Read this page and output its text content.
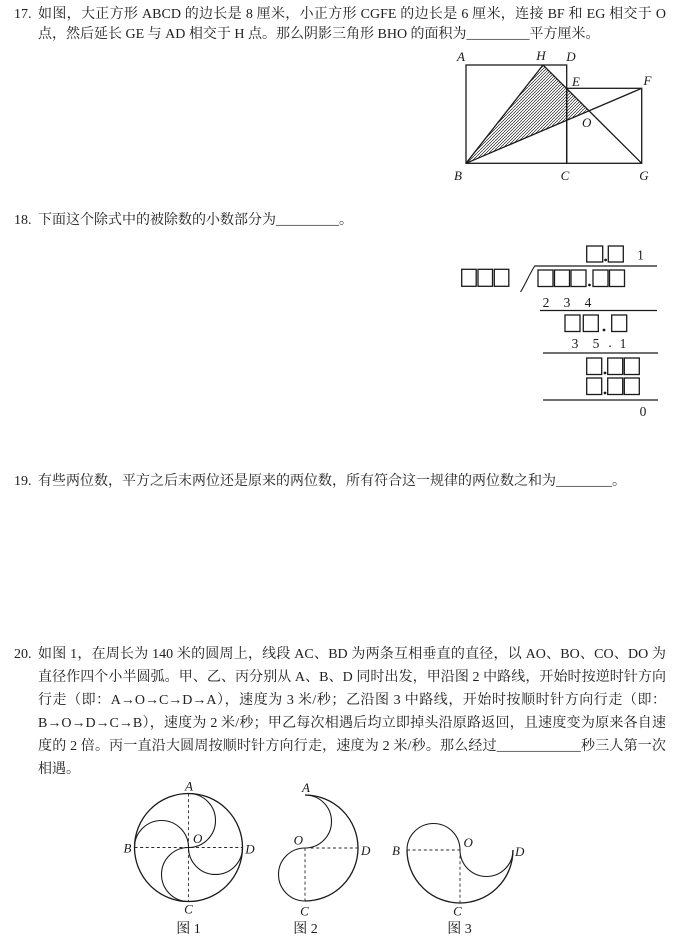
17. 如图，大正方形 ABCD 的边长是 8 厘米，小正方形 CGFE 的边长是 6 厘米，连接 BF 和 EG 相交于 O 点，然后延长 GE 与 AD 相交于 H 点。那么阴影三角形 BHO 的面积为_________平方厘米。
A	H D
E	F
O
B	C	G
18. 下面这个除式中的被除数的小数部分为_________。
1
2 3 4
3 5 . 1
0
19. 有些两位数，平方之后末两位还是原来的两位数，所有符合这一规律的两位数之和为________。
20. 如图 1，在周长为 140 米的圆周上，线段 AC、BD 为两条互相垂直的直径，以 AO、BO、CO、DO 为直径作四个小半圆弧。甲、乙、丙分别从 A、B、D 同时出发，甲沿图 2 中路线，开始时按逆时针方向行走（即：A→O→C→D→A），速度为 3 米/秒；乙沿图 3 中路线，开始时按顺时针方向行走（即：B→O→D→C→B），速度为 2 米/秒；甲乙每次相遇后均立即掉头沿原路返回，且速度变为原来各自速度的 2 倍。丙一直沿大圆周按顺时针方向行走，速度为 2 米/秒。那么经过____________秒三人第一次相遇。
A
B	D
C
O
图 1
A
O
D
C
图 2
B
O
D
C
图 3
